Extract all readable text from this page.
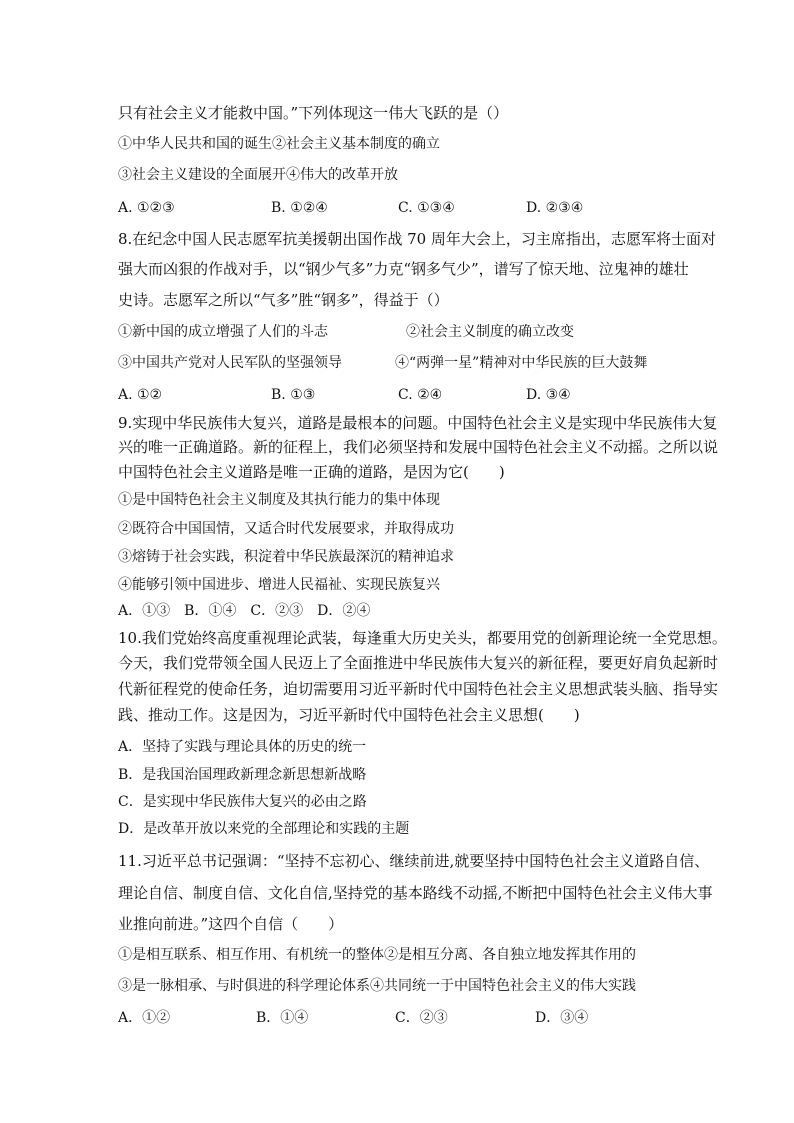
只有社会主义才能救中国。”下列体现这一伟大飞跃的是（）
①中华人民共和国的诞生②社会主义基本制度的确立
③社会主义建设的全面展开④伟大的改革开放
A. ①②③	B. ①②④	C. ①③④	D. ②③④
8.在纪念中国人民志愿军抗美援朝出国作战 70 周年大会上，习主席指出，志愿军将士面对
强大而凶狠的作战对手，以“钢少气多”力克“钢多气少”，谱写了惊天地、泣鬼神的雄壮
史诗。志愿军之所以“气多”胜“钢多”，得益于（）
①新中国的成立增强了人们的斗志	②社会主义制度的确立改变
③中国共产党对人民军队的坚强领导	④“两弹一星”精神对中华民族的巨大鼓舞
A. ①②	B. ①③	C. ②④	D. ③④
9.实现中华民族伟大复兴，道路是最根本的问题。中国特色社会主义是实现中华民族伟大复
兴的唯一正确道路。新的征程上，我们必须坚持和发展中国特色社会主义不动摇。之所以说
中国特色社会主义道路是唯一正确的道路，是因为它(　　)
①是中国特色社会主义制度及其执行能力的集中体现
②既符合中国国情，又适合时代发展要求，并取得成功
③熔铸于社会实践，积淀着中华民族最深沉的精神追求
④能够引领中国进步、增进人民福祉、实现民族复兴
A．①③　B．①④　C．②③　D．②④
10.我们党始终高度重视理论武装，每逢重大历史关头，都要用党的创新理论统一全党思想。
今天，我们党带领全国人民迈上了全面推进中华民族伟大复兴的新征程，要更好肩负起新时
代新征程党的使命任务，迫切需要用习近平新时代中国特色社会主义思想武装头脑、指导实
践、推动工作。这是因为，习近平新时代中国特色社会主义思想(　　)
A．坚持了实践与理论具体的历史的统一
B．是我国治国理政新理念新思想新战略
C．是实现中华民族伟大复兴的必由之路
D．是改革开放以来党的全部理论和实践的主题
11.习近平总书记强调：“坚持不忘初心、继续前进,就要坚持中国特色社会主义道路自信、
理论自信、制度自信、文化自信,坚持党的基本路线不动摇,不断把中国特色社会主义伟大事
业推向前进。”这四个自信（　　）
①是相互联系、相互作用、有机统一的整体②是相互分离、各自独立地发挥其作用的
③是一脉相承、与时俱进的科学理论体系④共同统一于中国特色社会主义的伟大实践
A．①②	B．①④	C．②③	D．③④
